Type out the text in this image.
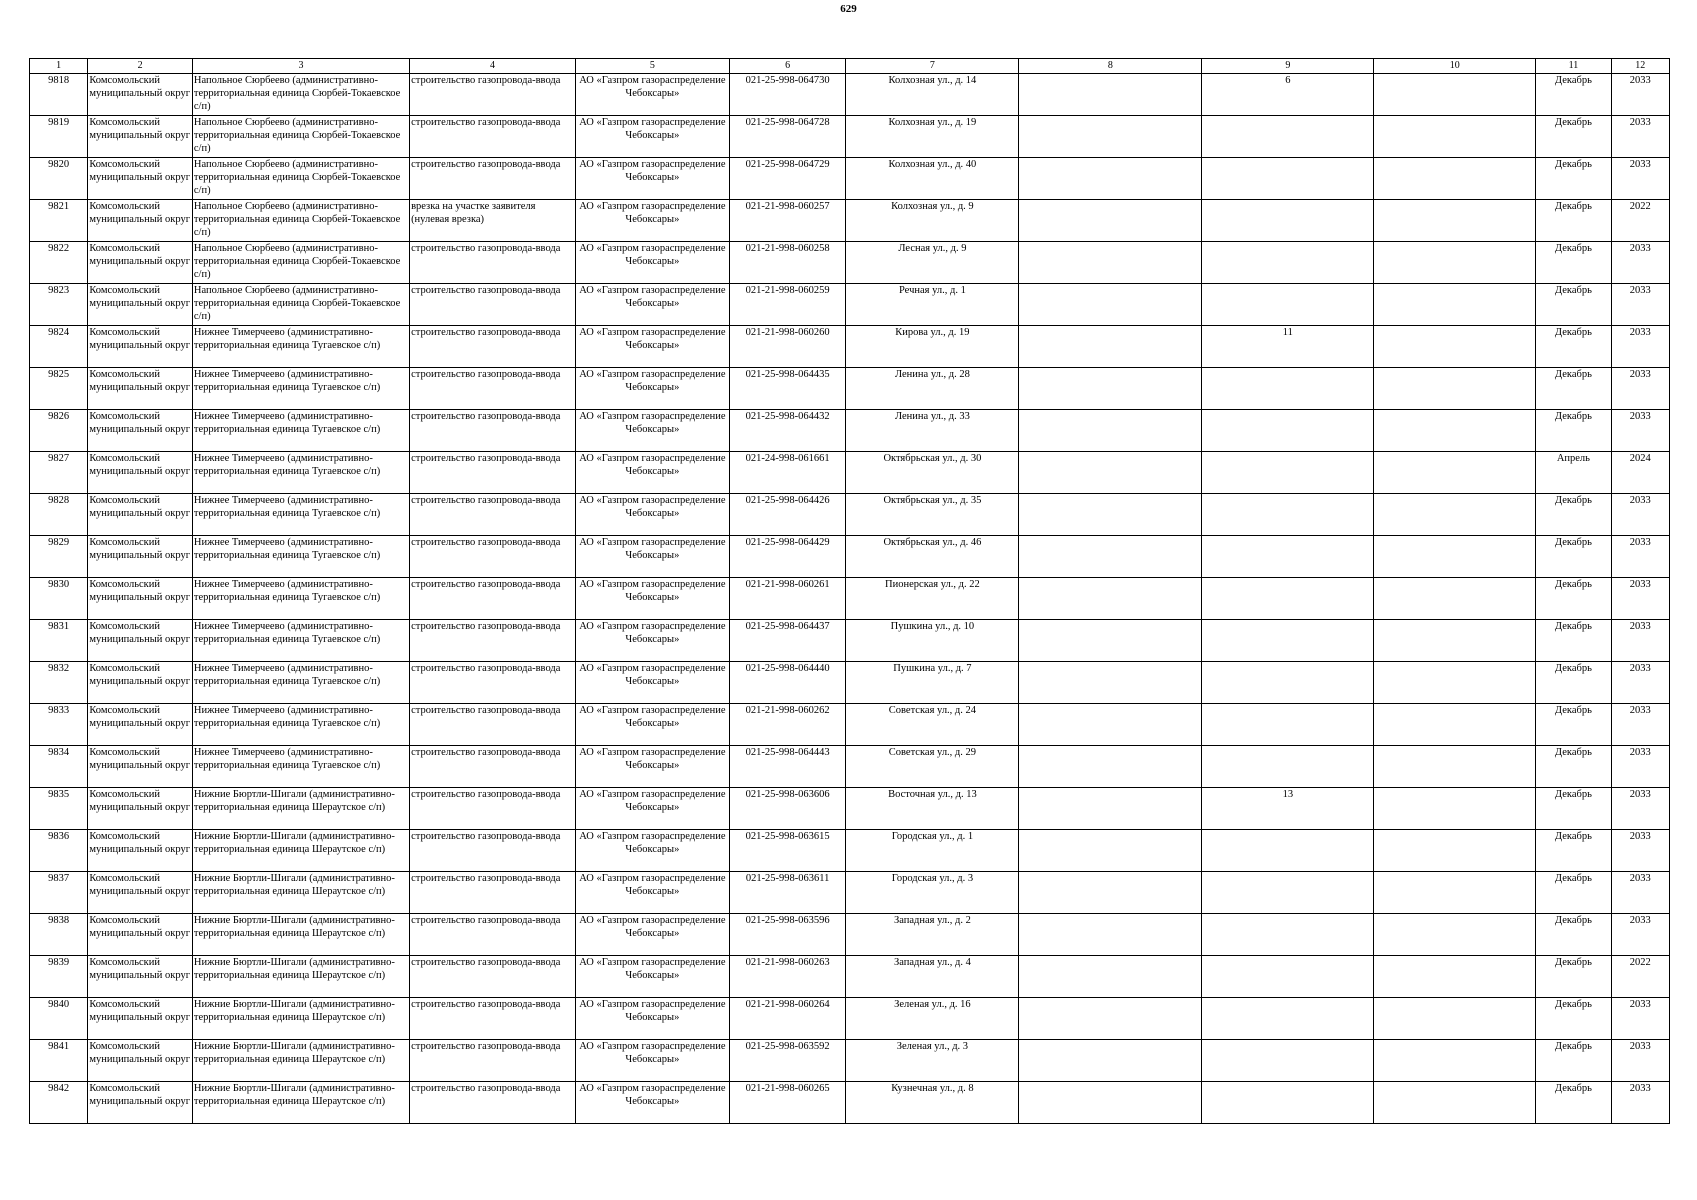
629
1	2	3	4	5	6	7	8	9	10	11	12

9818	Комсомольский муниципальный округ	Напольное Сюрбеево (административно-территориальная единица Сюрбей-Токаевское с/п)	строительство газопровода-ввода	АО «Газпром газораспределение Чебоксары»	021-25-998-064730	Колхозная ул., д. 14		6		Декабрь	2033

9819	Комсомольский муниципальный округ	Напольное Сюрбеево (административно-территориальная единица Сюрбей-Токаевское с/п)	строительство газопровода-ввода	АО «Газпром газораспределение Чебоксары»	021-25-998-064728	Колхозная ул., д. 19				Декабрь	2033

9820	Комсомольский муниципальный округ	Напольное Сюрбеево (административно-территориальная единица Сюрбей-Токаевское с/п)	строительство газопровода-ввода	АО «Газпром газораспределение Чебоксары»	021-25-998-064729	Колхозная ул., д. 40				Декабрь	2033

9821	Комсомольский муниципальный округ	Напольное Сюрбеево (административно-территориальная единица Сюрбей-Токаевское с/п)	врезка на участке заявителя (нулевая врезка)	АО «Газпром газораспределение Чебоксары»	021-21-998-060257	Колхозная ул., д. 9				Декабрь	2022

9822	Комсомольский муниципальный округ	Напольное Сюрбеево (административно-территориальная единица Сюрбей-Токаевское с/п)	строительство газопровода-ввода	АО «Газпром газораспределение Чебоксары»	021-21-998-060258	Лесная ул., д. 9				Декабрь	2033

9823	Комсомольский муниципальный округ	Напольное Сюрбеево (административно-территориальная единица Сюрбей-Токаевское с/п)	строительство газопровода-ввода	АО «Газпром газораспределение Чебоксары»	021-21-998-060259	Речная ул., д. 1				Декабрь	2033

9824	Комсомольский муниципальный округ	Нижнее Тимерчеево (административно-территориальная единица Тугаевское с/п)	строительство газопровода-ввода	АО «Газпром газораспределение Чебоксары»	021-21-998-060260	Кирова ул., д. 19		11		Декабрь	2033

9825	Комсомольский муниципальный округ	Нижнее Тимерчеево (административно-территориальная единица Тугаевское с/п)	строительство газопровода-ввода	АО «Газпром газораспределение Чебоксары»	021-25-998-064435	Ленина ул., д. 28				Декабрь	2033

9826	Комсомольский муниципальный округ	Нижнее Тимерчеево (административно-территориальная единица Тугаевское с/п)	строительство газопровода-ввода	АО «Газпром газораспределение Чебоксары»	021-25-998-064432	Ленина ул., д. 33				Декабрь	2033

9827	Комсомольский муниципальный округ	Нижнее Тимерчеево (административно-территориальная единица Тугаевское с/п)	строительство газопровода-ввода	АО «Газпром газораспределение Чебоксары»	021-24-998-061661	Октябрьская ул., д. 30				Апрель	2024

9828	Комсомольский муниципальный округ	Нижнее Тимерчеево (административно-территориальная единица Тугаевское с/п)	строительство газопровода-ввода	АО «Газпром газораспределение Чебоксары»	021-25-998-064426	Октябрьская ул., д. 35				Декабрь	2033

9829	Комсомольский муниципальный округ	Нижнее Тимерчеево (административно-территориальная единица Тугаевское с/п)	строительство газопровода-ввода	АО «Газпром газораспределение Чебоксары»	021-25-998-064429	Октябрьская ул., д. 46				Декабрь	2033

9830	Комсомольский муниципальный округ	Нижнее Тимерчеево (административно-территориальная единица Тугаевское с/п)	строительство газопровода-ввода	АО «Газпром газораспределение Чебоксары»	021-21-998-060261	Пионерская ул., д. 22				Декабрь	2033

9831	Комсомольский муниципальный округ	Нижнее Тимерчеево (административно-территориальная единица Тугаевское с/п)	строительство газопровода-ввода	АО «Газпром газораспределение Чебоксары»	021-25-998-064437	Пушкина ул., д. 10				Декабрь	2033

9832	Комсомольский муниципальный округ	Нижнее Тимерчеево (административно-территориальная единица Тугаевское с/п)	строительство газопровода-ввода	АО «Газпром газораспределение Чебоксары»	021-25-998-064440	Пушкина ул., д. 7				Декабрь	2033

9833	Комсомольский муниципальный округ	Нижнее Тимерчеево (административно-территориальная единица Тугаевское с/п)	строительство газопровода-ввода	АО «Газпром газораспределение Чебоксары»	021-21-998-060262	Советская ул., д. 24				Декабрь	2033

9834	Комсомольский муниципальный округ	Нижнее Тимерчеево (административно-территориальная единица Тугаевское с/п)	строительство газопровода-ввода	АО «Газпром газораспределение Чебоксары»	021-25-998-064443	Советская ул., д. 29				Декабрь	2033

9835	Комсомольский муниципальный округ	Нижние Бюртли-Шигали (административно-территориальная единица Шераутское с/п)	строительство газопровода-ввода	АО «Газпром газораспределение Чебоксары»	021-25-998-063606	Восточная ул., д. 13		13		Декабрь	2033

9836	Комсомольский муниципальный округ	Нижние Бюртли-Шигали (административно-территориальная единица Шераутское с/п)	строительство газопровода-ввода	АО «Газпром газораспределение Чебоксары»	021-25-998-063615	Городская ул., д. 1				Декабрь	2033

9837	Комсомольский муниципальный округ	Нижние Бюртли-Шигали (административно-территориальная единица Шераутское с/п)	строительство газопровода-ввода	АО «Газпром газораспределение Чебоксары»	021-25-998-063611	Городская ул., д. 3				Декабрь	2033

9838	Комсомольский муниципальный округ	Нижние Бюртли-Шигали (административно-территориальная единица Шераутское с/п)	строительство газопровода-ввода	АО «Газпром газораспределение Чебоксары»	021-25-998-063596	Западная ул., д. 2				Декабрь	2033

9839	Комсомольский муниципальный округ	Нижние Бюртли-Шигали (административно-территориальная единица Шераутское с/п)	строительство газопровода-ввода	АО «Газпром газораспределение Чебоксары»	021-21-998-060263	Западная ул., д. 4				Декабрь	2022

9840	Комсомольский муниципальный округ	Нижние Бюртли-Шигали (административно-территориальная единица Шераутское с/п)	строительство газопровода-ввода	АО «Газпром газораспределение Чебоксары»	021-21-998-060264	Зеленая ул., д. 16				Декабрь	2033

9841	Комсомольский муниципальный округ	Нижние Бюртли-Шигали (административно-территориальная единица Шераутское с/п)	строительство газопровода-ввода	АО «Газпром газораспределение Чебоксары»	021-25-998-063592	Зеленая ул., д. 3				Декабрь	2033

9842	Комсомольский муниципальный округ	Нижние Бюртли-Шигали (административно-территориальная единица Шераутское с/п)	строительство газопровода-ввода	АО «Газпром газораспределение Чебоксары»	021-21-998-060265	Кузнечная ул., д. 8				Декабрь	2033
